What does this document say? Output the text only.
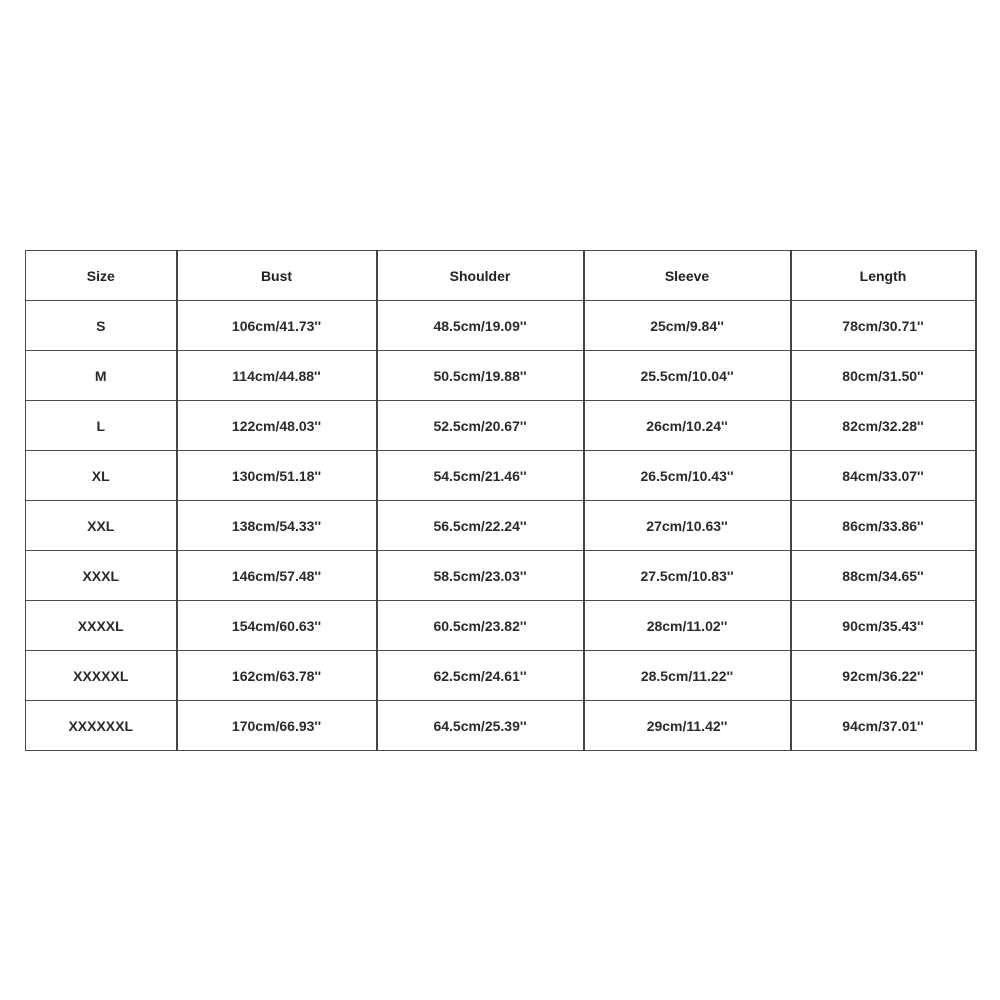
Size	Bust	Shoulder	Sleeve	Length
S	106cm/41.73''	48.5cm/19.09''	25cm/9.84''	78cm/30.71''
M	114cm/44.88''	50.5cm/19.88''	25.5cm/10.04''	80cm/31.50''
L	122cm/48.03''	52.5cm/20.67''	26cm/10.24''	82cm/32.28''
XL	130cm/51.18''	54.5cm/21.46''	26.5cm/10.43''	84cm/33.07''
XXL	138cm/54.33''	56.5cm/22.24''	27cm/10.63''	86cm/33.86''
XXXL	146cm/57.48''	58.5cm/23.03''	27.5cm/10.83''	88cm/34.65''
XXXXL	154cm/60.63''	60.5cm/23.82''	28cm/11.02''	90cm/35.43''
XXXXXL	162cm/63.78''	62.5cm/24.61''	28.5cm/11.22''	92cm/36.22''
XXXXXXL	170cm/66.93''	64.5cm/25.39''	29cm/11.42''	94cm/37.01''
